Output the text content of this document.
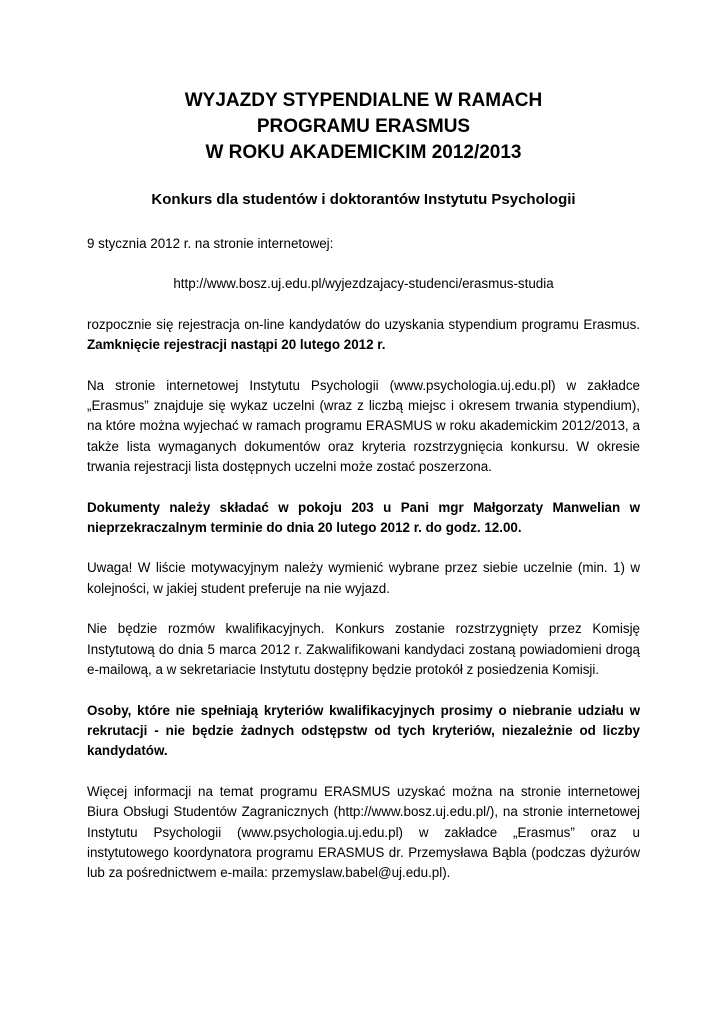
WYJAZDY STYPENDIALNE W RAMACH
PROGRAMU ERASMUS
W ROKU AKADEMICKIM 2012/2013

Konkurs dla studentów i doktorantów Instytutu Psychologii

9 stycznia 2012 r. na stronie internetowej:

http://www.bosz.uj.edu.pl/wyjezdzajacy-studenci/erasmus-studia

rozpocznie się rejestracja on-line kandydatów do uzyskania stypendium programu Erasmus. Zamknięcie rejestracji nastąpi 20 lutego 2012 r.

Na stronie internetowej Instytutu Psychologii (www.psychologia.uj.edu.pl) w zakładce „Erasmus” znajduje się wykaz uczelni (wraz z liczbą miejsc i okresem trwania stypendium), na które można wyjechać w ramach programu ERASMUS w roku akademickim 2012/2013, a także lista wymaganych dokumentów oraz kryteria rozstrzygnięcia konkursu. W okresie trwania rejestracji lista dostępnych uczelni może zostać poszerzona.

Dokumenty należy składać w pokoju 203 u Pani mgr Małgorzaty Manwelian w nieprzekraczalnym terminie do dnia 20 lutego 2012 r. do godz. 12.00.

Uwaga! W liście motywacyjnym należy wymienić wybrane przez siebie uczelnie (min. 1) w kolejności, w jakiej student preferuje na nie wyjazd.

Nie będzie rozmów kwalifikacyjnych. Konkurs zostanie rozstrzygnięty przez Komisję Instytutową do dnia 5 marca 2012 r. Zakwalifikowani kandydaci zostaną powiadomieni drogą e-mailową, a w sekretariacie Instytutu dostępny będzie protokół z posiedzenia Komisji.

Osoby, które nie spełniają kryteriów kwalifikacyjnych prosimy o niebranie udziału w rekrutacji - nie będzie żadnych odstępstw od tych kryteriów, niezależnie od liczby kandydatów.

Więcej informacji na temat programu ERASMUS uzyskać można na stronie internetowej Biura Obsługi Studentów Zagranicznych (http://www.bosz.uj.edu.pl/), na stronie internetowej Instytutu Psychologii (www.psychologia.uj.edu.pl) w zakładce „Erasmus” oraz u instytutowego koordynatora programu ERASMUS dr. Przemysława Bąbla (podczas dyżurów lub za pośrednictwem e-maila: przemyslaw.babel@uj.edu.pl).
